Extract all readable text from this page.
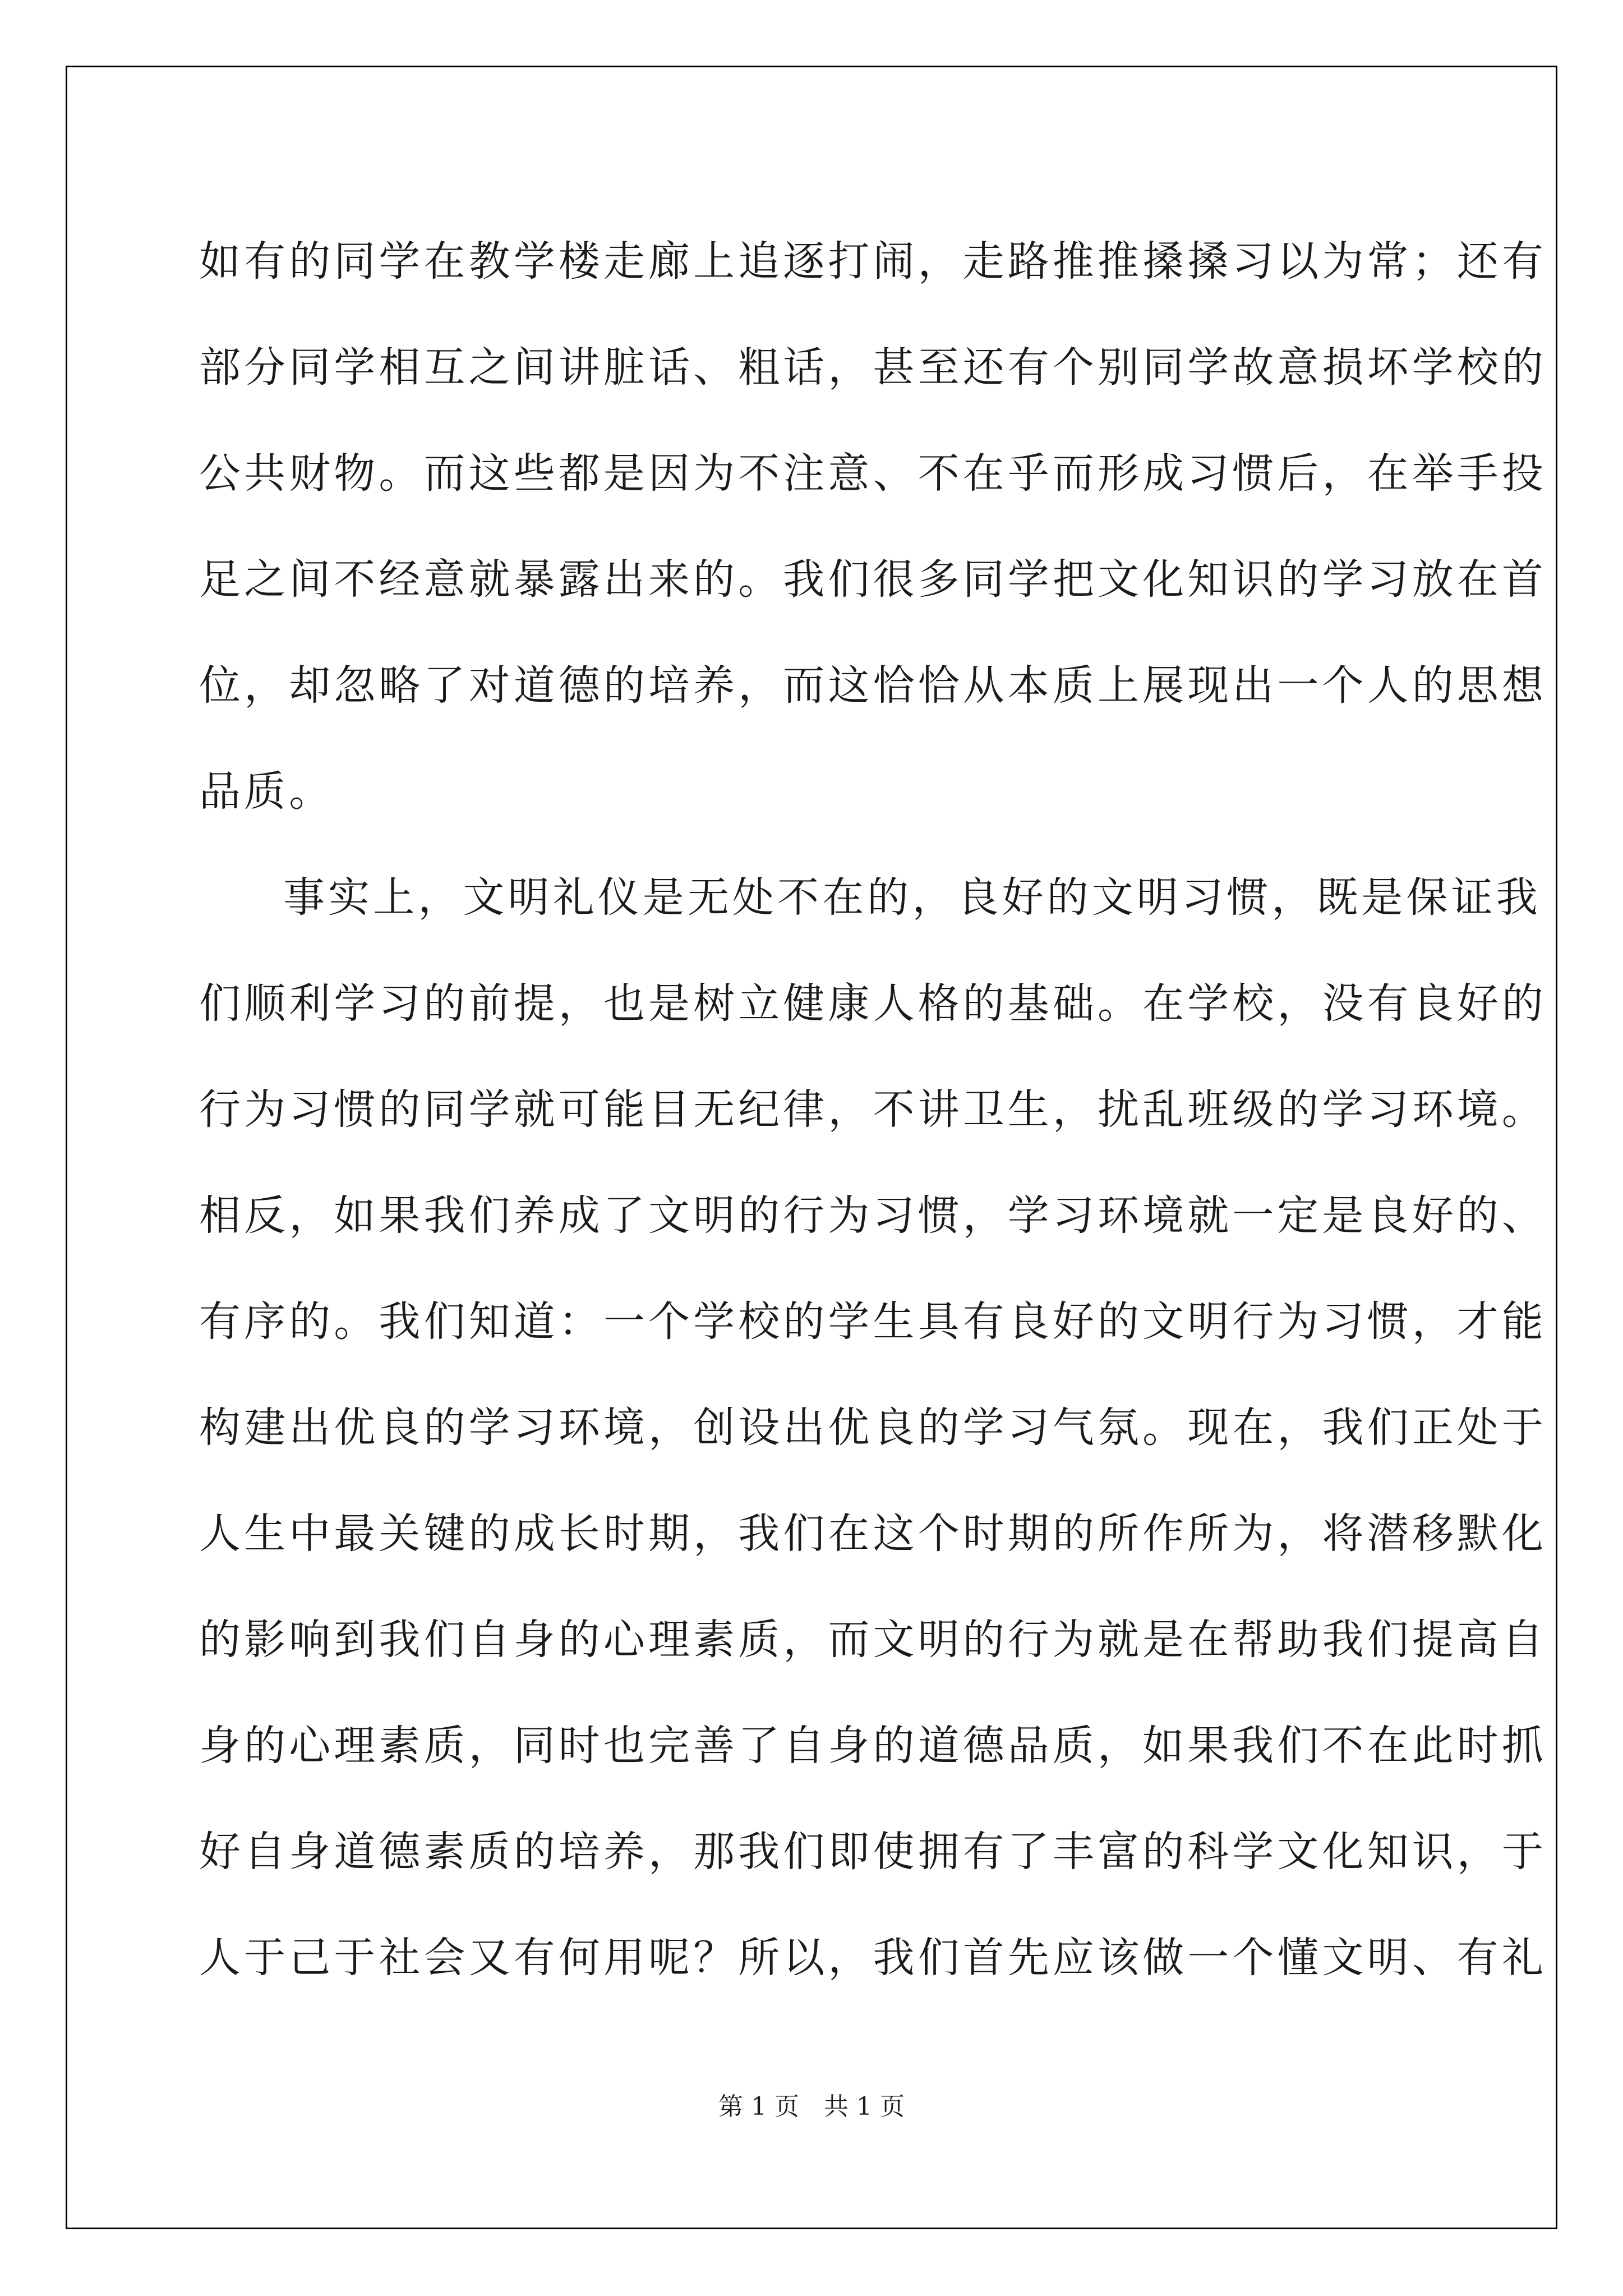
如有的同学在教学楼走廊上追逐打闹，走路推推搡搡习以为常；还有
部分同学相互之间讲脏话、粗话，甚至还有个别同学故意损坏学校的
公共财物。而这些都是因为不注意、不在乎而形成习惯后，在举手投
足之间不经意就暴露出来的。我们很多同学把文化知识的学习放在首
位，却忽略了对道德的培养，而这恰恰从本质上展现出一个人的思想
品质。
事实上，文明礼仪是无处不在的，良好的文明习惯，既是保证我
们顺利学习的前提，也是树立健康人格的基础。在学校，没有良好的
行为习惯的同学就可能目无纪律，不讲卫生，扰乱班级的学习环境。
相反，如果我们养成了文明的行为习惯，学习环境就一定是良好的、
有序的。我们知道：一个学校的学生具有良好的文明行为习惯，才能
构建出优良的学习环境，创设出优良的学习气氛。现在，我们正处于
人生中最关键的成长时期，我们在这个时期的所作所为，将潜移默化
的影响到我们自身的心理素质，而文明的行为就是在帮助我们提高自
身的心理素质，同时也完善了自身的道德品质，如果我们不在此时抓
好自身道德素质的培养，那我们即使拥有了丰富的科学文化知识，于
人于己于社会又有何用呢？所以，我们首先应该做一个懂文明、有礼
第 1 页　共 1 页
